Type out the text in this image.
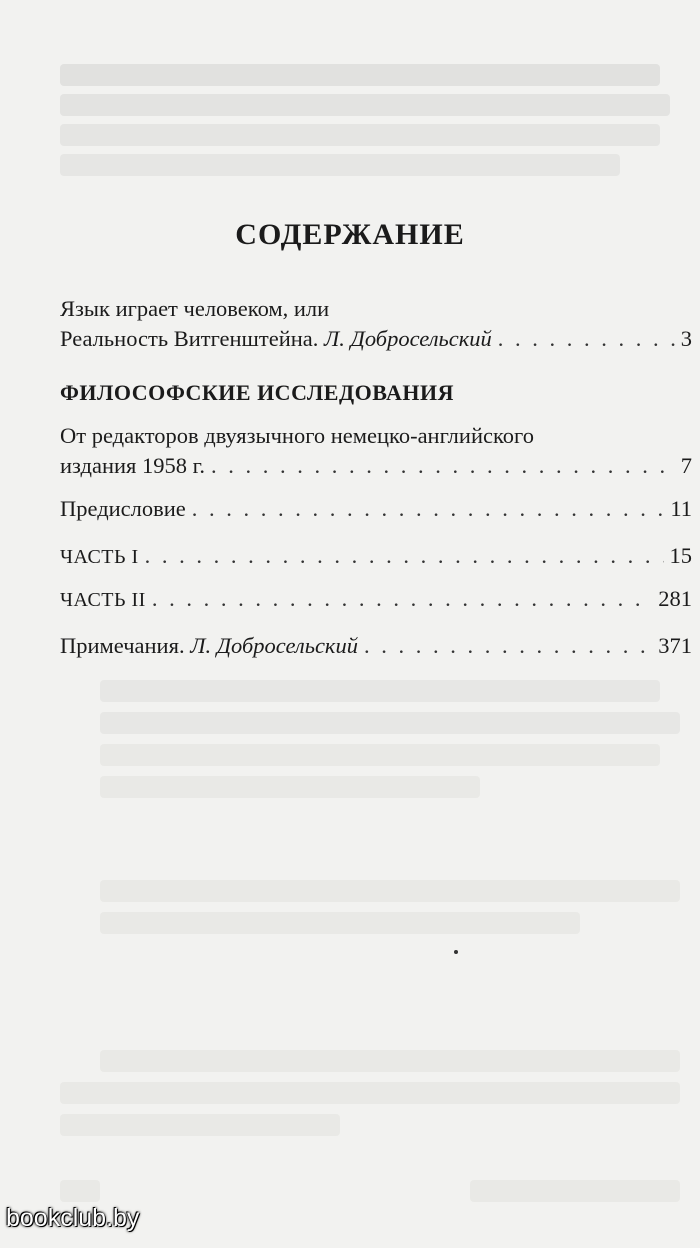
СОДЕРЖАНИЕ
Язык играет человеком, или
Реальность Витгенштейна.
Л. Добросельский . . .	3
ФИЛОСОФСКИЕ ИССЛЕДОВАНИЯ
От редакторов двуязычного немецко-английского
издания 1958 г. . . .	7
Предисловие . . .	11
ЧАСТЬ I . . .	15
ЧАСТЬ II . . .	281
Примечания.
Л. Добросельский . . .	371
bookclub.by
